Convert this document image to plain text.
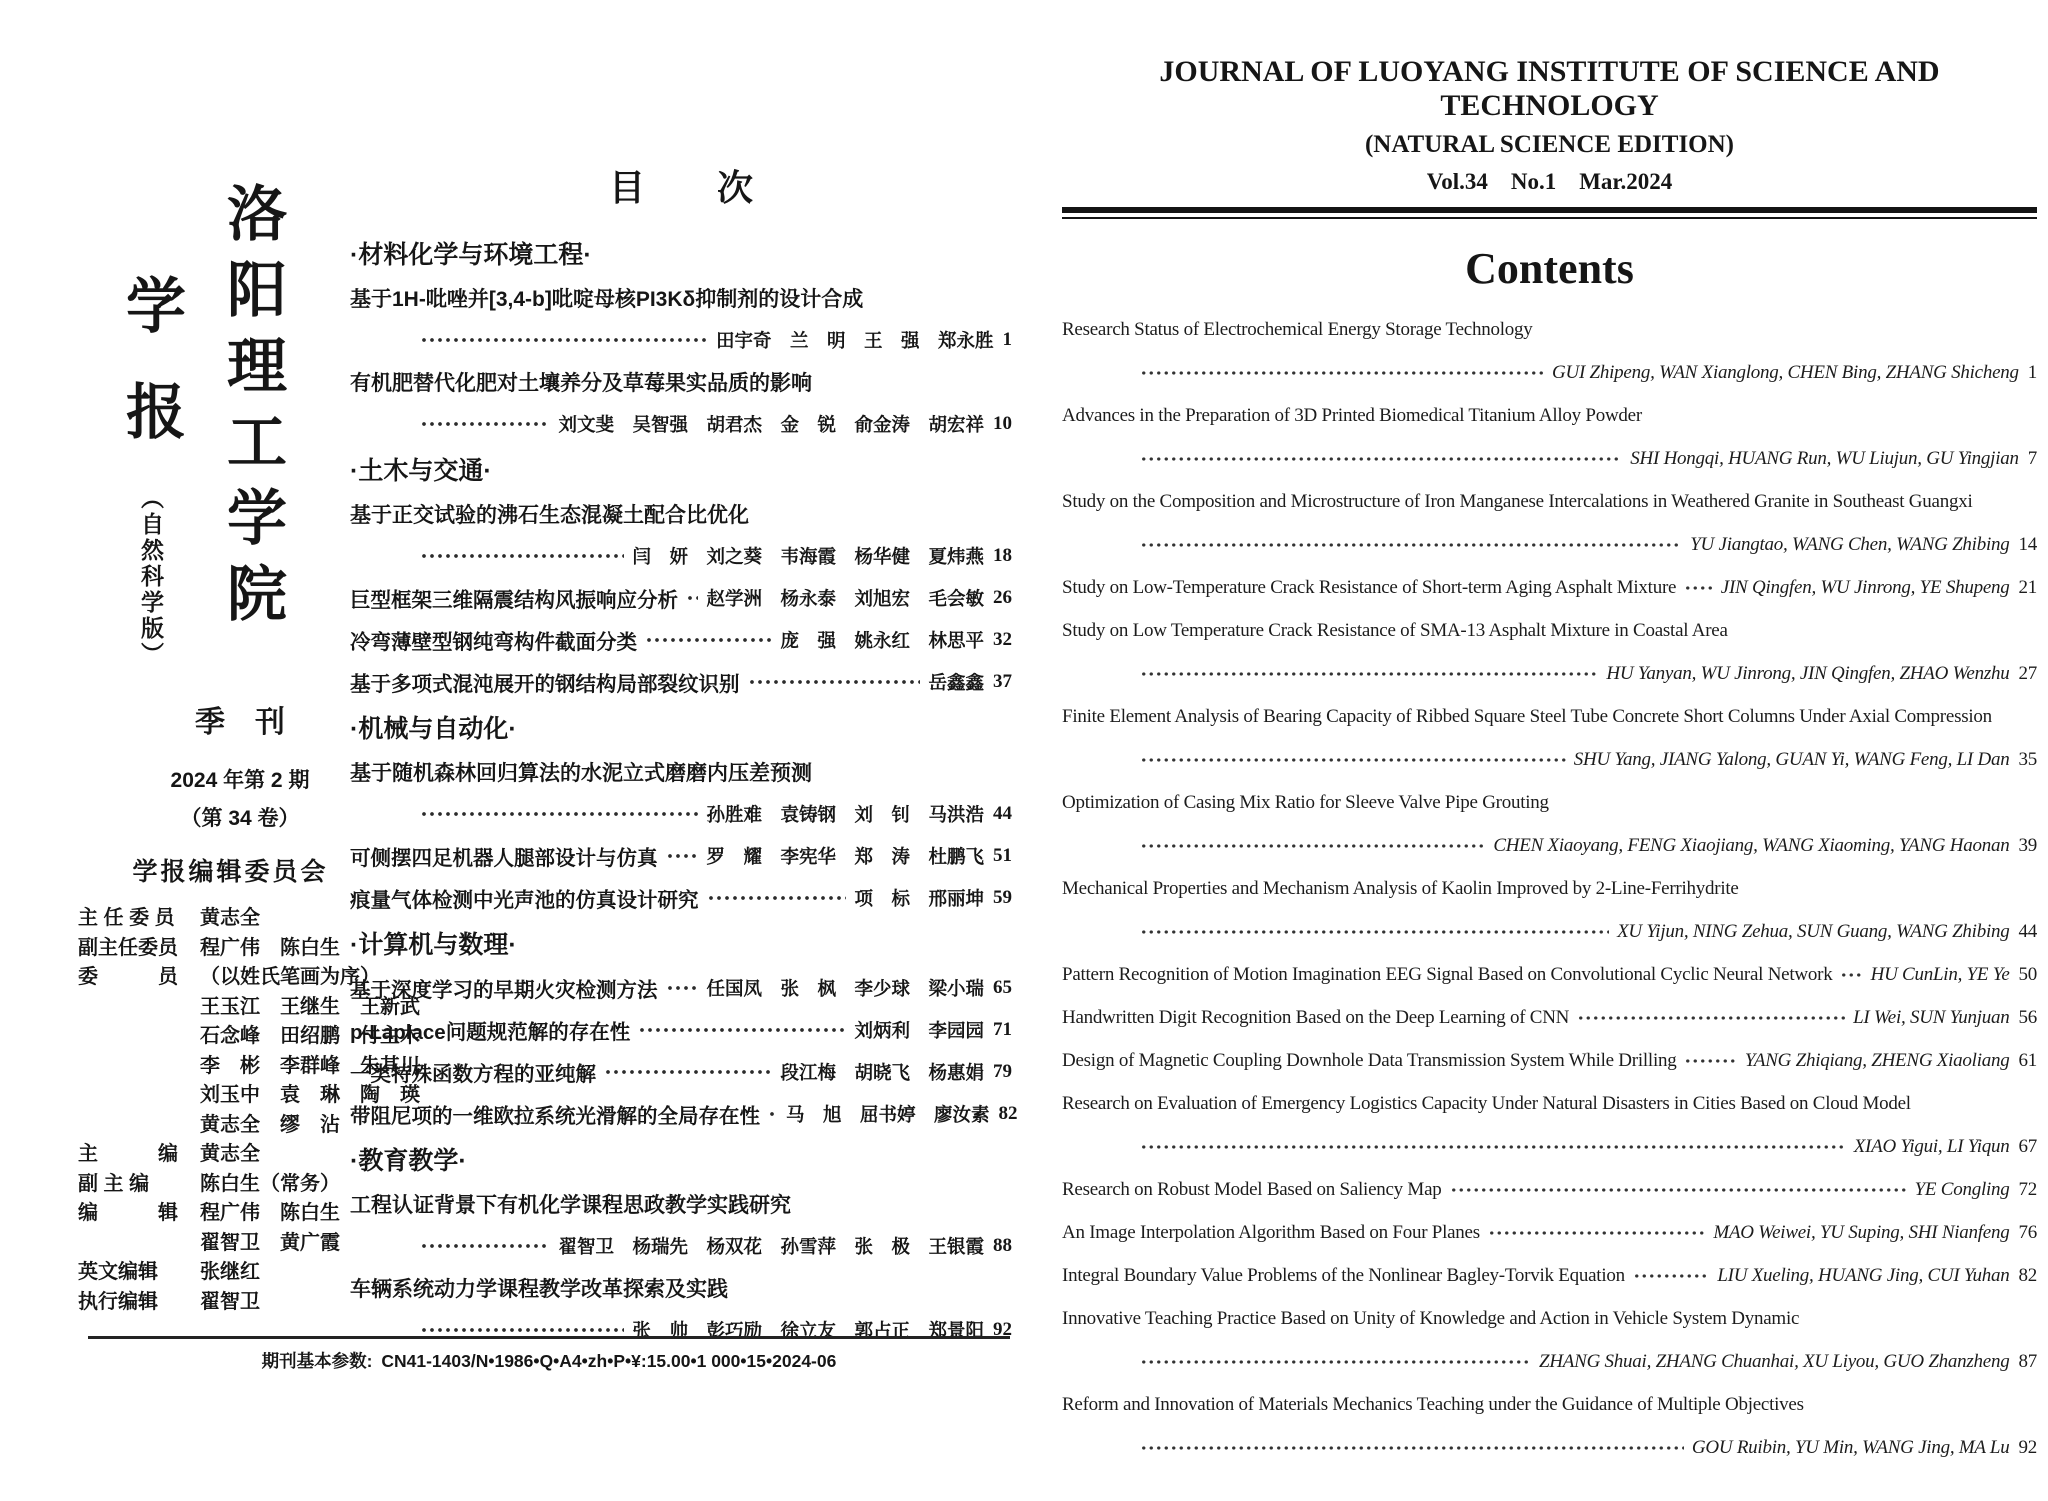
洛阳理工学院
学报（自然科学版）
季　刊
2024 年第 2 期
（第 34 卷）
学报编辑委员会
主 任 委 员	黄志全
副主任委员	程广伟　陈白生
委　　　员	（以姓氏笔画为序）
王玉江　王继生　王新武
石念峰　田绍鹏　付主木
李　彬　李群峰　朱其川
刘玉中　袁　琳　陶　瑛
黄志全　缪　沾
主　　　编	黄志全
副 主 编	陈白生（常务）
编　　　辑	程广伟　陈白生
翟智卫　黄广霞
英文编辑	张继红
执行编辑	翟智卫
目　　次
·材料化学与环境工程·
基于1H-吡唑并[3,4-b]吡啶母核PI3Kδ抑制剂的设计合成
田宇奇　兰　明　王　强　郑永胜 1
有机肥替代化肥对土壤养分及草莓果实品质的影响
刘文斐　吴智强　胡君杰　金　锐　俞金涛　胡宏祥 10
·土木与交通·
基于正交试验的沸石生态混凝土配合比优化
闫　妍　刘之葵　韦海霞　杨华健　夏炜燕 18
巨型框架三维隔震结构风振响应分析 赵学洲　杨永泰　刘旭宏　毛会敏 26
冷弯薄壁型钢纯弯构件截面分类	庞　强　姚永红　林思平 32
基于多项式混沌展开的钢结构局部裂纹识别	岳鑫鑫 37
·机械与自动化·
基于随机森林回归算法的水泥立式磨磨内压差预测
孙胜难　袁铸钢　刘　钊　马洪浩 44
可侧摆四足机器人腿部设计与仿真	罗　耀　李宪华　郑　涛　杜鹏飞 51
痕量气体检测中光声池的仿真设计研究	项　标　邢丽坤 59
·计算机与数理·
基于深度学习的早期火灾检测方法	任国凤　张　枫　李少球　梁小瑞 65
p-Laplace问题规范解的存在性	刘炳利　李园园 71
一类特殊函数方程的亚纯解	段江梅　胡晓飞　杨惠娟 79
带阻尼项的一维欧拉系统光滑解的全局存在性 马　旭　屈书婷　廖汝素 82
·教育教学·
工程认证背景下有机化学课程思政教学实践研究
翟智卫　杨瑞先　杨双花　孙雪萍　张　极　王银霞 88
车辆系统动力学课程教学改革探索及实践
张　帅　彭巧励　徐立友　郭占正　郑景阳 92
期刊基本参数: CN41-1403/N•1986•Q•A4•zh•P•¥:15.00•1 000•15•2024-06
JOURNAL OF LUOYANG INSTITUTE OF SCIENCE AND TECHNOLOGY
(NATURAL SCIENCE EDITION)
Vol.34    No.1    Mar.2024
Contents
Research Status of Electrochemical Energy Storage Technology
GUI Zhipeng, WAN Xianglong, CHEN Bing, ZHANG Shicheng 1
Advances in the Preparation of 3D Printed Biomedical Titanium Alloy Powder
SHI Hongqi, HUANG Run, WU Liujun, GU Yingjian 7
Study on the Composition and Microstructure of Iron Manganese Intercalations in Weathered Granite in Southeast Guangxi
YU Jiangtao, WANG Chen, WANG Zhibing 14
Study on Low-Temperature Crack Resistance of Short-term Aging Asphalt Mixture JIN Qingfen, WU Jinrong, YE Shupeng 21
Study on Low Temperature Crack Resistance of SMA-13 Asphalt Mixture in Coastal Area
HU Yanyan, WU Jinrong, JIN Qingfen, ZHAO Wenzhu 27
Finite Element Analysis of Bearing Capacity of Ribbed Square Steel Tube Concrete Short Columns Under Axial Compression
SHU Yang, JIANG Yalong, GUAN Yi, WANG Feng, LI Dan 35
Optimization of Casing Mix Ratio for Sleeve Valve Pipe Grouting
CHEN Xiaoyang, FENG Xiaojiang, WANG Xiaoming, YANG Haonan 39
Mechanical Properties and Mechanism Analysis of Kaolin Improved by 2-Line-Ferrihydrite
XU Yijun, NING Zehua, SUN Guang, WANG Zhibing 44
Pattern Recognition of Motion Imagination EEG Signal Based on Convolutional Cyclic Neural Network HU CunLin, YE Ye 50
Handwritten Digit Recognition Based on the Deep Learning of CNN	LI Wei, SUN Yunjuan 56
Design of Magnetic Coupling Downhole Data Transmission System While Drilling	YANG Zhiqiang, ZHENG Xiaoliang 61
Research on Evaluation of Emergency Logistics Capacity Under Natural Disasters in Cities Based on Cloud Model
XIAO Yigui, LI Yiqun 67
Research on Robust Model Based on Saliency Map	YE Congling 72
An Image Interpolation Algorithm Based on Four Planes	MAO Weiwei, YU Suping, SHI Nianfeng 76
Integral Boundary Value Problems of the Nonlinear Bagley-Torvik Equation	LIU Xueling, HUANG Jing, CUI Yuhan 82
Innovative Teaching Practice Based on Unity of Knowledge and Action in Vehicle System Dynamic
ZHANG Shuai, ZHANG Chuanhai, XU Liyou, GUO Zhanzheng 87
Reform and Innovation of Materials Mechanics Teaching under the Guidance of Multiple Objectives
GOU Ruibin, YU Min, WANG Jing, MA Lu 92
